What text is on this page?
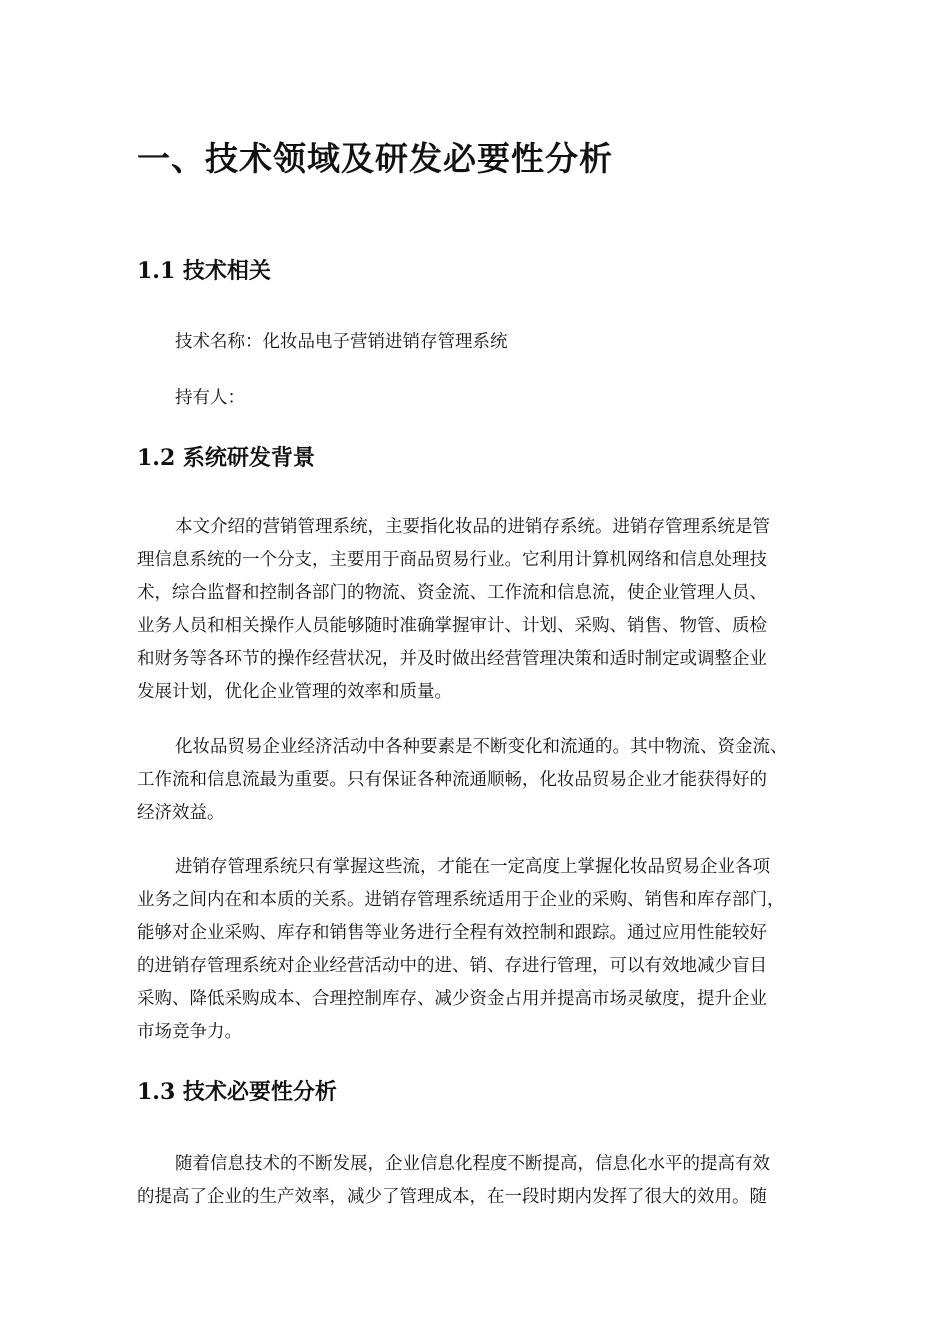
一、技术领域及研发必要性分析
1.1 技术相关
技术名称：化妆品电子营销进销存管理系统
持有人：
1.2 系统研发背景
本文介绍的营销管理系统，主要指化妆品的进销存系统。进销存管理系统是管
理信息系统的一个分支，主要用于商品贸易行业。它利用计算机网络和信息处理技
术，综合监督和控制各部门的物流、资金流、工作流和信息流，使企业管理人员、
业务人员和相关操作人员能够随时准确掌握审计、计划、采购、销售、物管、质检
和财务等各环节的操作经营状况，并及时做出经营管理决策和适时制定或调整企业
发展计划，优化企业管理的效率和质量。
化妆品贸易企业经济活动中各种要素是不断变化和流通的。其中物流、资金流、
工作流和信息流最为重要。只有保证各种流通顺畅，化妆品贸易企业才能获得好的
经济效益。
进销存管理系统只有掌握这些流，才能在一定高度上掌握化妆品贸易企业各项
业务之间内在和本质的关系。进销存管理系统适用于企业的采购、销售和库存部门，
能够对企业采购、库存和销售等业务进行全程有效控制和跟踪。通过应用性能较好
的进销存管理系统对企业经营活动中的进、销、存进行管理，可以有效地减少盲目
采购、降低采购成本、合理控制库存、减少资金占用并提高市场灵敏度，提升企业
市场竞争力。
1.3 技术必要性分析
随着信息技术的不断发展，企业信息化程度不断提高，信息化水平的提高有效
的提高了企业的生产效率，减少了管理成本，在一段时期内发挥了很大的效用。随
